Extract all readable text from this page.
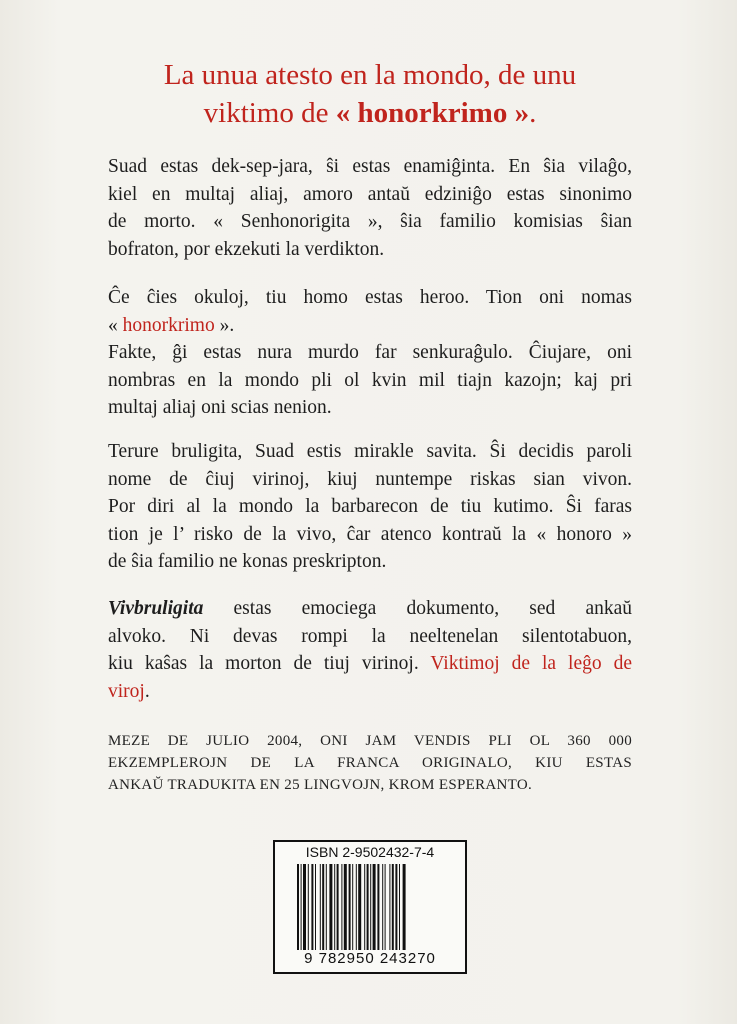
La unua atesto en la mondo, de unu
viktimo de « honorkrimo ».
Suad estas dek-sep-jara, ŝi estas enamiĝinta. En ŝia vilaĝo,
kiel en multaj aliaj, amoro antaŭ edziniĝo estas sinonimo
de morto. « Senhonorigita », ŝia familio komisias ŝian
bofraton, por ekzekuti la verdikton.
Ĉe ĉies okuloj, tiu homo estas heroo. Tion oni nomas
« honorkrimo ».
Fakte, ĝi estas nura murdo far senkuraĝulo. Ĉiujare, oni
nombras en la mondo pli ol kvin mil tiajn kazojn; kaj pri
multaj aliaj oni scias nenion.
Terure bruligita, Suad estis mirakle savita. Ŝi decidis paroli
nome de ĉiuj virinoj, kiuj nuntempe riskas sian vivon.
Por diri al la mondo la barbarecon de tiu kutimo. Ŝi faras
tion je l’ risko de la vivo, ĉar atenco kontraŭ la « honoro »
de ŝia familio ne konas preskripton.
Vivbruligita estas emociega dokumento, sed ankaŭ
alvoko. Ni devas rompi la neeltenelan silentotabuon,
kiu kaŝas la morton de tiuj virinoj. Viktimoj de la leĝo de
viroj.
MEZE DE JULIO 2004, ONI JAM VENDIS PLI OL 360 000
EKZEMPLEROJN DE LA FRANCA ORIGINALO, KIU ESTAS
ANKAŬ TRADUKITA EN 25 LINGVOJN, KROM ESPERANTO.
ISBN 2-9502432-7-4
9 782950 243270
